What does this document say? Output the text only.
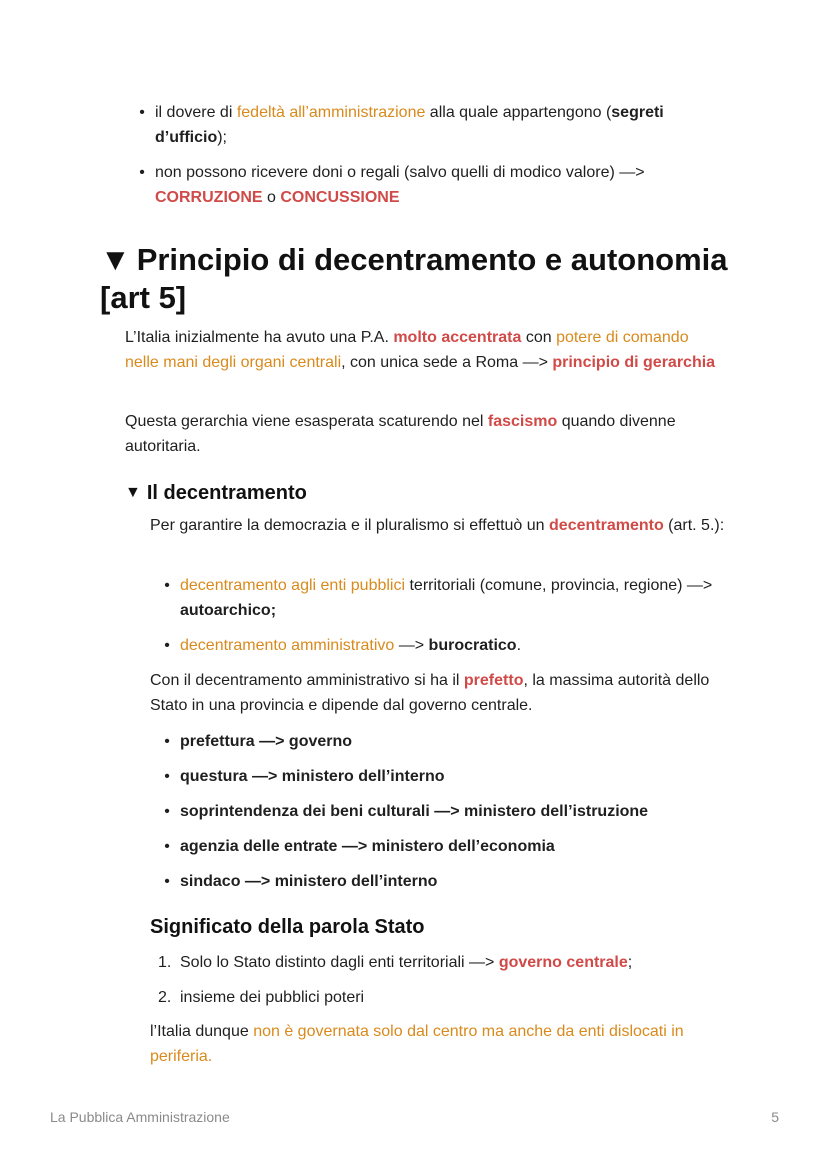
• il dovere di fedeltà all’amministrazione alla quale appartengono (segreti d’ufficio);
• non possono ricevere doni o regali (salvo quelli di modico valore) —> CORRUZIONE o CONCUSSIONE
▼ Principio di decentramento e autonomia
[art 5]
L’Italia inizialmente ha avuto una P.A. molto accentrata con potere di comando nelle mani degli organi centrali, con unica sede a Roma —> principio di gerarchia
Questa gerarchia viene esasperata scaturendo nel fascismo quando divenne autoritaria.
▼ Il decentramento
Per garantire la democrazia e il pluralismo si effettuò un decentramento (art. 5.):
• decentramento agli enti pubblici territoriali (comune, provincia, regione) —> autoarchico;
• decentramento amministrativo —> burocratico.
Con il decentramento amministrativo si ha il prefetto, la massima autorità dello Stato in una provincia e dipende dal governo centrale.
• prefettura —> governo
• questura —> ministero dell’interno
• soprintendenza dei beni culturali —> ministero dell’istruzione
• agenzia delle entrate —> ministero dell’economia
• sindaco —> ministero dell’interno
Significato della parola Stato
1. Solo lo Stato distinto dagli enti territoriali —> governo centrale;
2. insieme dei pubblici poteri
l’Italia dunque non è governata solo dal centro ma anche da enti dislocati in periferia.
La Pubblica Amministrazione	5
